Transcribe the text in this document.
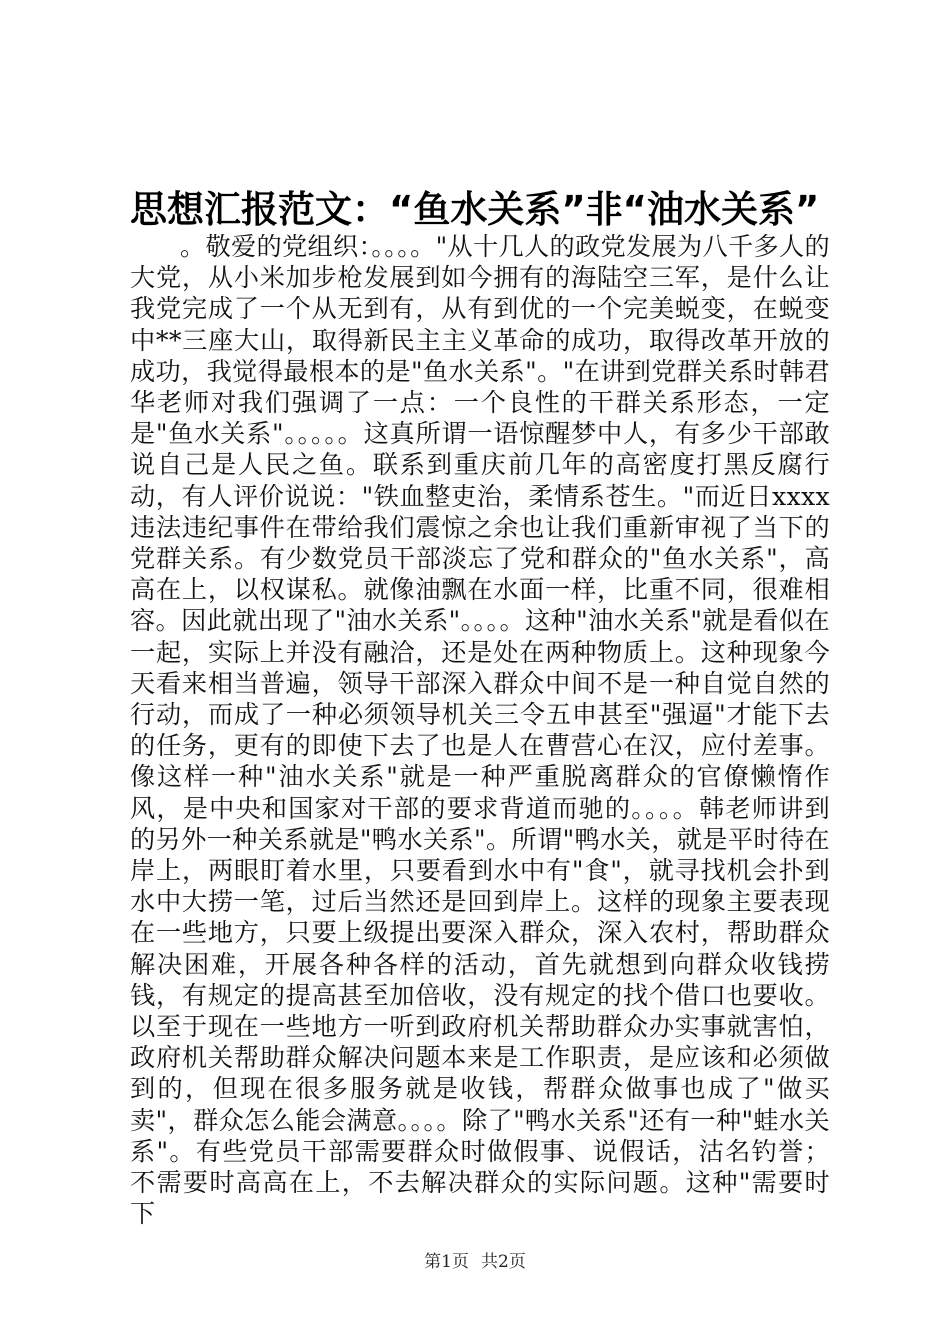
思想汇报范文：“鱼水关系”非“油水关系”

。敬爱的党组织：。。。。"从十几人的政党发展为八千多人的大党，从小米加步枪发展到如今拥有的海陆空三军，是什么让我党完成了一个从无到有，从有到优的一个完美蜕变，在蜕变中**三座大山，取得新民主主义革命的成功，取得改革开放的成功，我觉得最根本的是"鱼水关系"。"在讲到党群关系时韩君华老师对我们强调了一点：一个良性的干群关系形态，一定是"鱼水关系"。。。。。这真所谓一语惊醒梦中人，有多少干部敢说自己是人民之鱼。联系到重庆前几年的高密度打黑反腐行动，有人评价说说："铁血整吏治，柔情系苍生。"而近日xxxx违法违纪事件在带给我们震惊之余也让我们重新审视了当下的党群关系。有少数党员干部淡忘了党和群众的"鱼水关系"，高高在上，以权谋私。就像油飘在水面一样，比重不同，很难相容。因此就出现了"油水关系"。。。。这种"油水关系"就是看似在一起，实际上并没有融洽，还是处在两种物质上。这种现象今天看来相当普遍，领导干部深入群众中间不是一种自觉自然的行动，而成了一种必须领导机关三令五申甚至"强逼"才能下去的任务，更有的即使下去了也是人在曹营心在汉，应付差事。像这样一种"油水关系"就是一种严重脱离群众的官僚懒惰作风，是中央和国家对干部的要求背道而驰的。。。。韩老师讲到的另外一种关系就是"鸭水关系"。所谓"鸭水关，就是平时待在岸上，两眼盯着水里，只要看到水中有"食"，就寻找机会扑到水中大捞一笔，过后当然还是回到岸上。这样的现象主要表现在一些地方，只要上级提出要深入群众，深入农村，帮助群众解决困难，开展各种各样的活动，首先就想到向群众收钱捞钱，有规定的提高甚至加倍收，没有规定的找个借口也要收。以至于现在一些地方一听到政府机关帮助群众办实事就害怕，政府机关帮助群众解决问题本来是工作职责，是应该和必须做到的，但现在很多服务就是收钱，帮群众做事也成了"做买卖"，群众怎么能会满意。。。。除了"鸭水关系"还有一种"蛙水关系"。有些党员干部需要群众时做假事、说假话，沽名钓誉；不需要时高高在上，不去解决群众的实际问题。这种"需要时下

第1页 共2页
